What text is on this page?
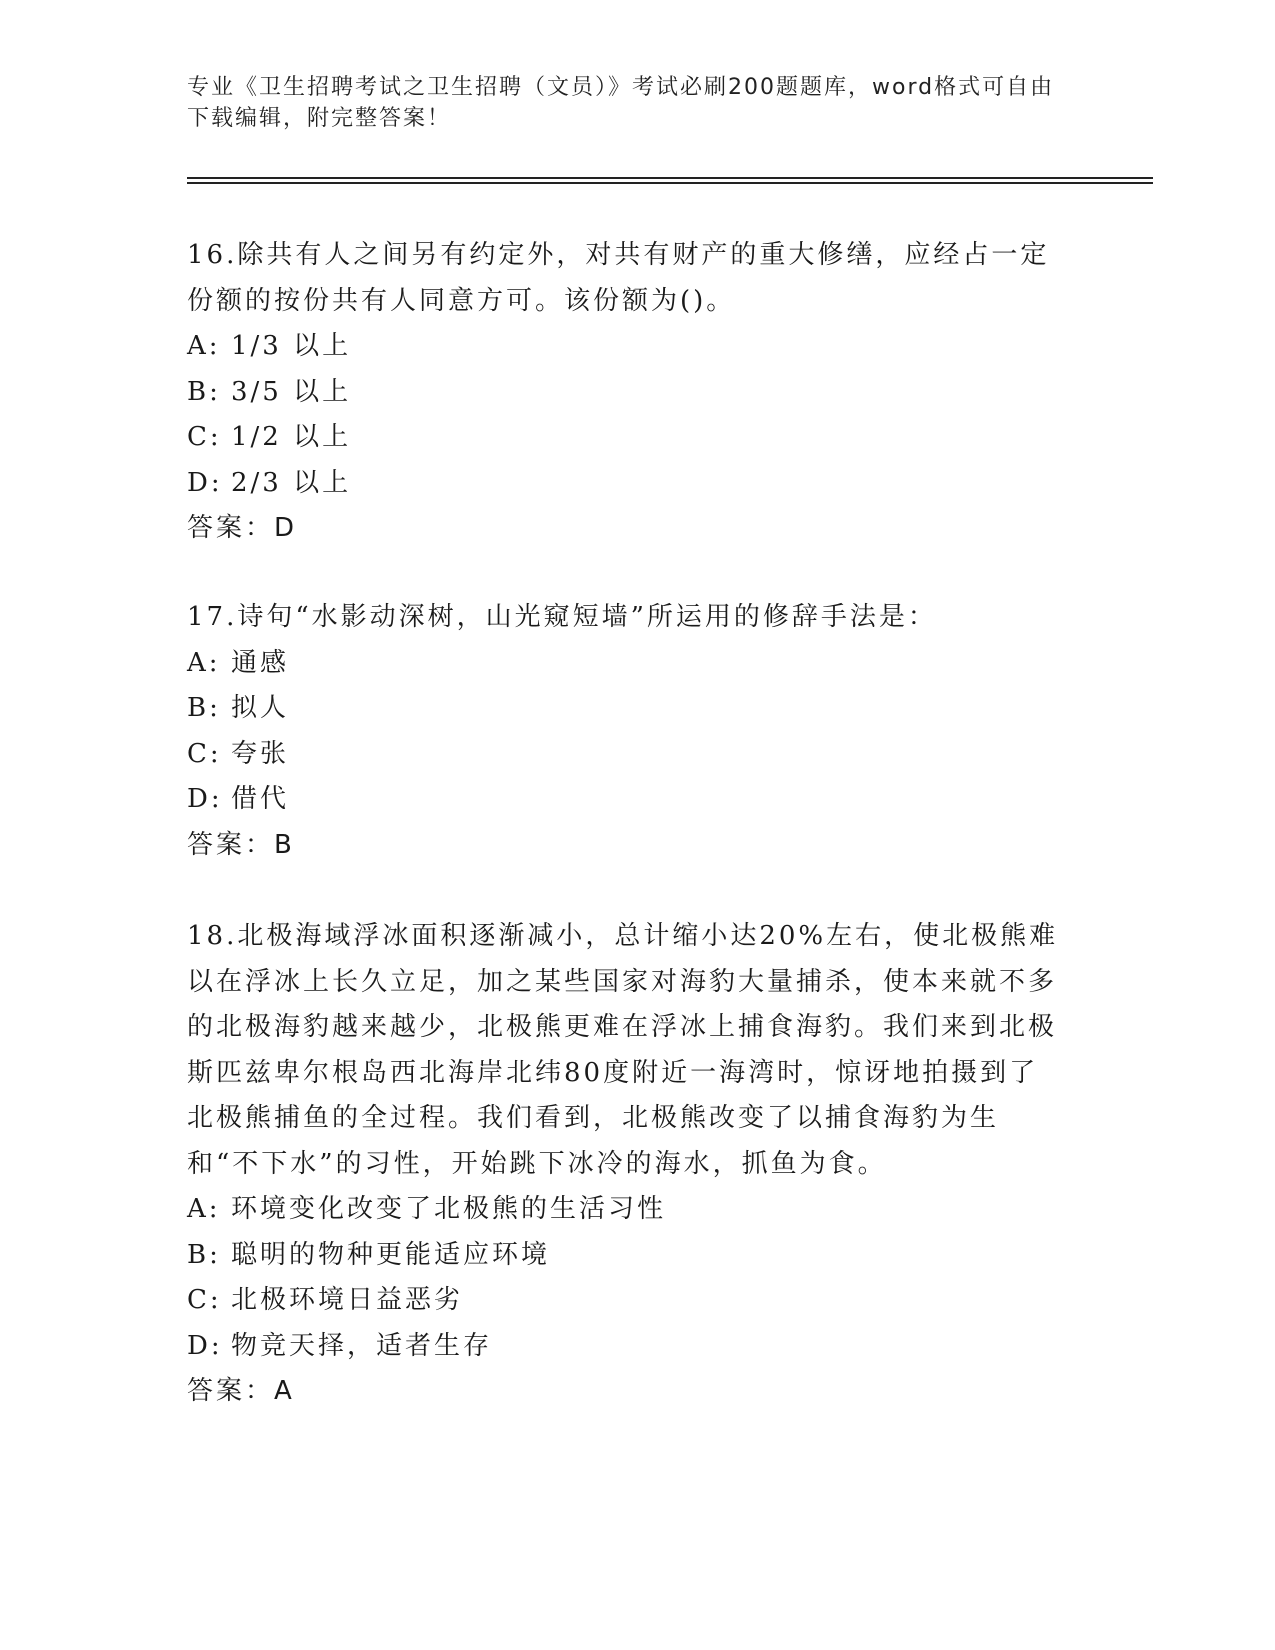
专业《卫生招聘考试之卫生招聘（文员）》考试必刷200题题库，word格式可自由下载编辑，附完整答案！

16.除共有人之间另有约定外，对共有财产的重大修缮，应经占一定份额的按份共有人同意方可。该份额为()。

A: 1/3 以上

B: 3/5 以上

C: 1/2 以上

D: 2/3 以上

答案：D

17.诗句“水影动深树，山光窥短墙”所运用的修辞手法是：

A: 通感

B: 拟人

C: 夸张

D: 借代

答案：B

18.北极海域浮冰面积逐渐减小，总计缩小达20%左右，使北极熊难以在浮冰上长久立足，加之某些国家对海豹大量捕杀，使本来就不多的北极海豹越来越少，北极熊更难在浮冰上捕食海豹。我们来到北极斯匹兹卑尔根岛西北海岸北纬80度附近一海湾时，惊讶地拍摄到了北极熊捕鱼的全过程。我们看到，北极熊改变了以捕食海豹为生和“不下水”的习性，开始跳下冰冷的海水，抓鱼为食。

A: 环境变化改变了北极熊的生活习性

B: 聪明的物种更能适应环境

C: 北极环境日益恶劣

D: 物竞天择，适者生存

答案：A
